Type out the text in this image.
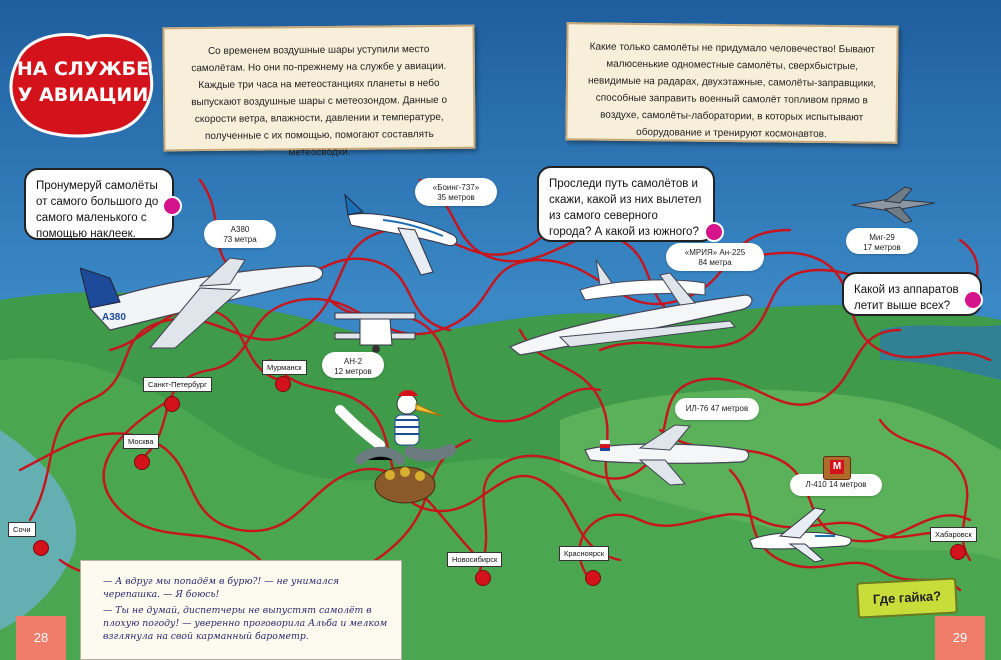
НА СЛУЖБЕ
У АВИАЦИИ
Со временем воздушные шары уступили место самолётам. Но они по-прежнему на службе у авиации. Каждые три часа на метеостанциях планеты в небо выпускают воздушные шары с метеозондом. Данные о скорости ветра, влажности, давлении и температуре, полученные с их помощью, помогают составлять метеосводки.
Какие только самолёты не придумало человечество! Бывают малюсенькие одноместные самолёты, сверхбыстрые, невидимые на радарах, двухэтажные, самолёты-заправщики, способные заправить военный самолёт топливом прямо в воздухе, самолёты-лаборатории, в которых испытывают оборудование и тренируют космонавтов.
Пронумеруй самолёты от самого большого до самого маленького с помощью наклеек.
Проследи путь самолётов и скажи, какой из них вылетел из самого северного города? А какой из южного?
Какой из аппаратов летит выше всех?
A380
А380
73 метра
«Боинг-737»
35 метров
«МРИЯ» Ан-225
84 метра
Миг-29
17 метров
АН-2
12 метров
ИЛ-76 47 метров
Л-410 14 метров
M
Санкт-Петербург
Мурманск
Москва
Сочи
Новосибирск
Красноярск
Хабаровск

— А вдруг мы попадём в бурю?! — не унимался черепашка. — Я боюсь!

— Ты не думай, диспетчеры не выпустят самолёт в плохую погоду! — уверенно проговорила Альба и мелком взглянула на свой карманный барометр.

28	29
Где гайка?
